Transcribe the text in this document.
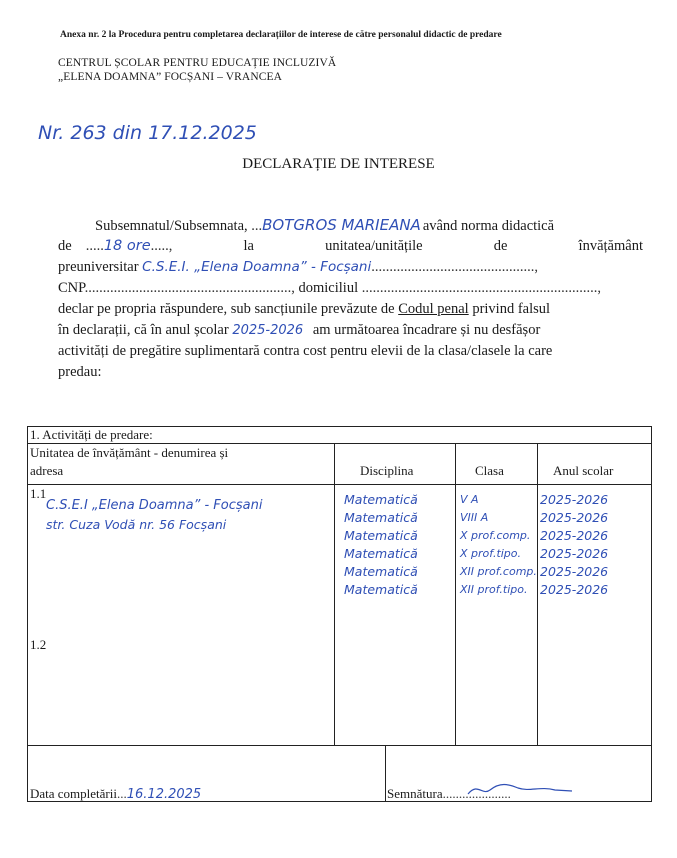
Anexa nr. 2 la Procedura pentru completarea declarațiilor de interese de către personalul didactic de predare
CENTRUL ȘCOLAR PENTRU EDUCAȚIE INCLUZIVĂ
„ELENA DOAMNA” FOCȘANI – VRANCEA
Nr. 263 din 17.12.2025
DECLARAȚIE DE INTERESE
Subsemnatul/Subsemnata, ...BOTGROS MARIEANA având norma didactică
de .....18 ore.....,	la	unitatea/unitățile	de	învățământ
preuniversitar C.S.E.I. „Elena Doamna” - Focșani.............................................,
CNP........................................................., domiciliul .................................................................,
declar pe propria răspundere, sub sancțiunile prevăzute de Codul penal privind falsul
în declarații, că în anul școlar 2025-2026 am următoarea încadrare și nu desfășor
activități de pregătire suplimentară contra cost pentru elevii de la clasa/clasele la care
predau:
1. Activități de predare:
Unitatea de învățământ - denumirea și
adresa	Disciplina	Clasa	Anul scolar
1.1
C.S.E.I „Elena Doamna” - Focșani
str. Cuza Vodă nr. 56 Focșani
1.2
Matematică	V A	2025-2026
Matematică	VIII A	2025-2026
Matematică	X prof.comp. 2025-2026
Matematică	X prof.tipo. 2025-2026
Matematică	XII prof.comp. 2025-2026
Matematică	XII prof.tipo. 2025-2026
Data completării...16.12.2025	Semnătura.....................
